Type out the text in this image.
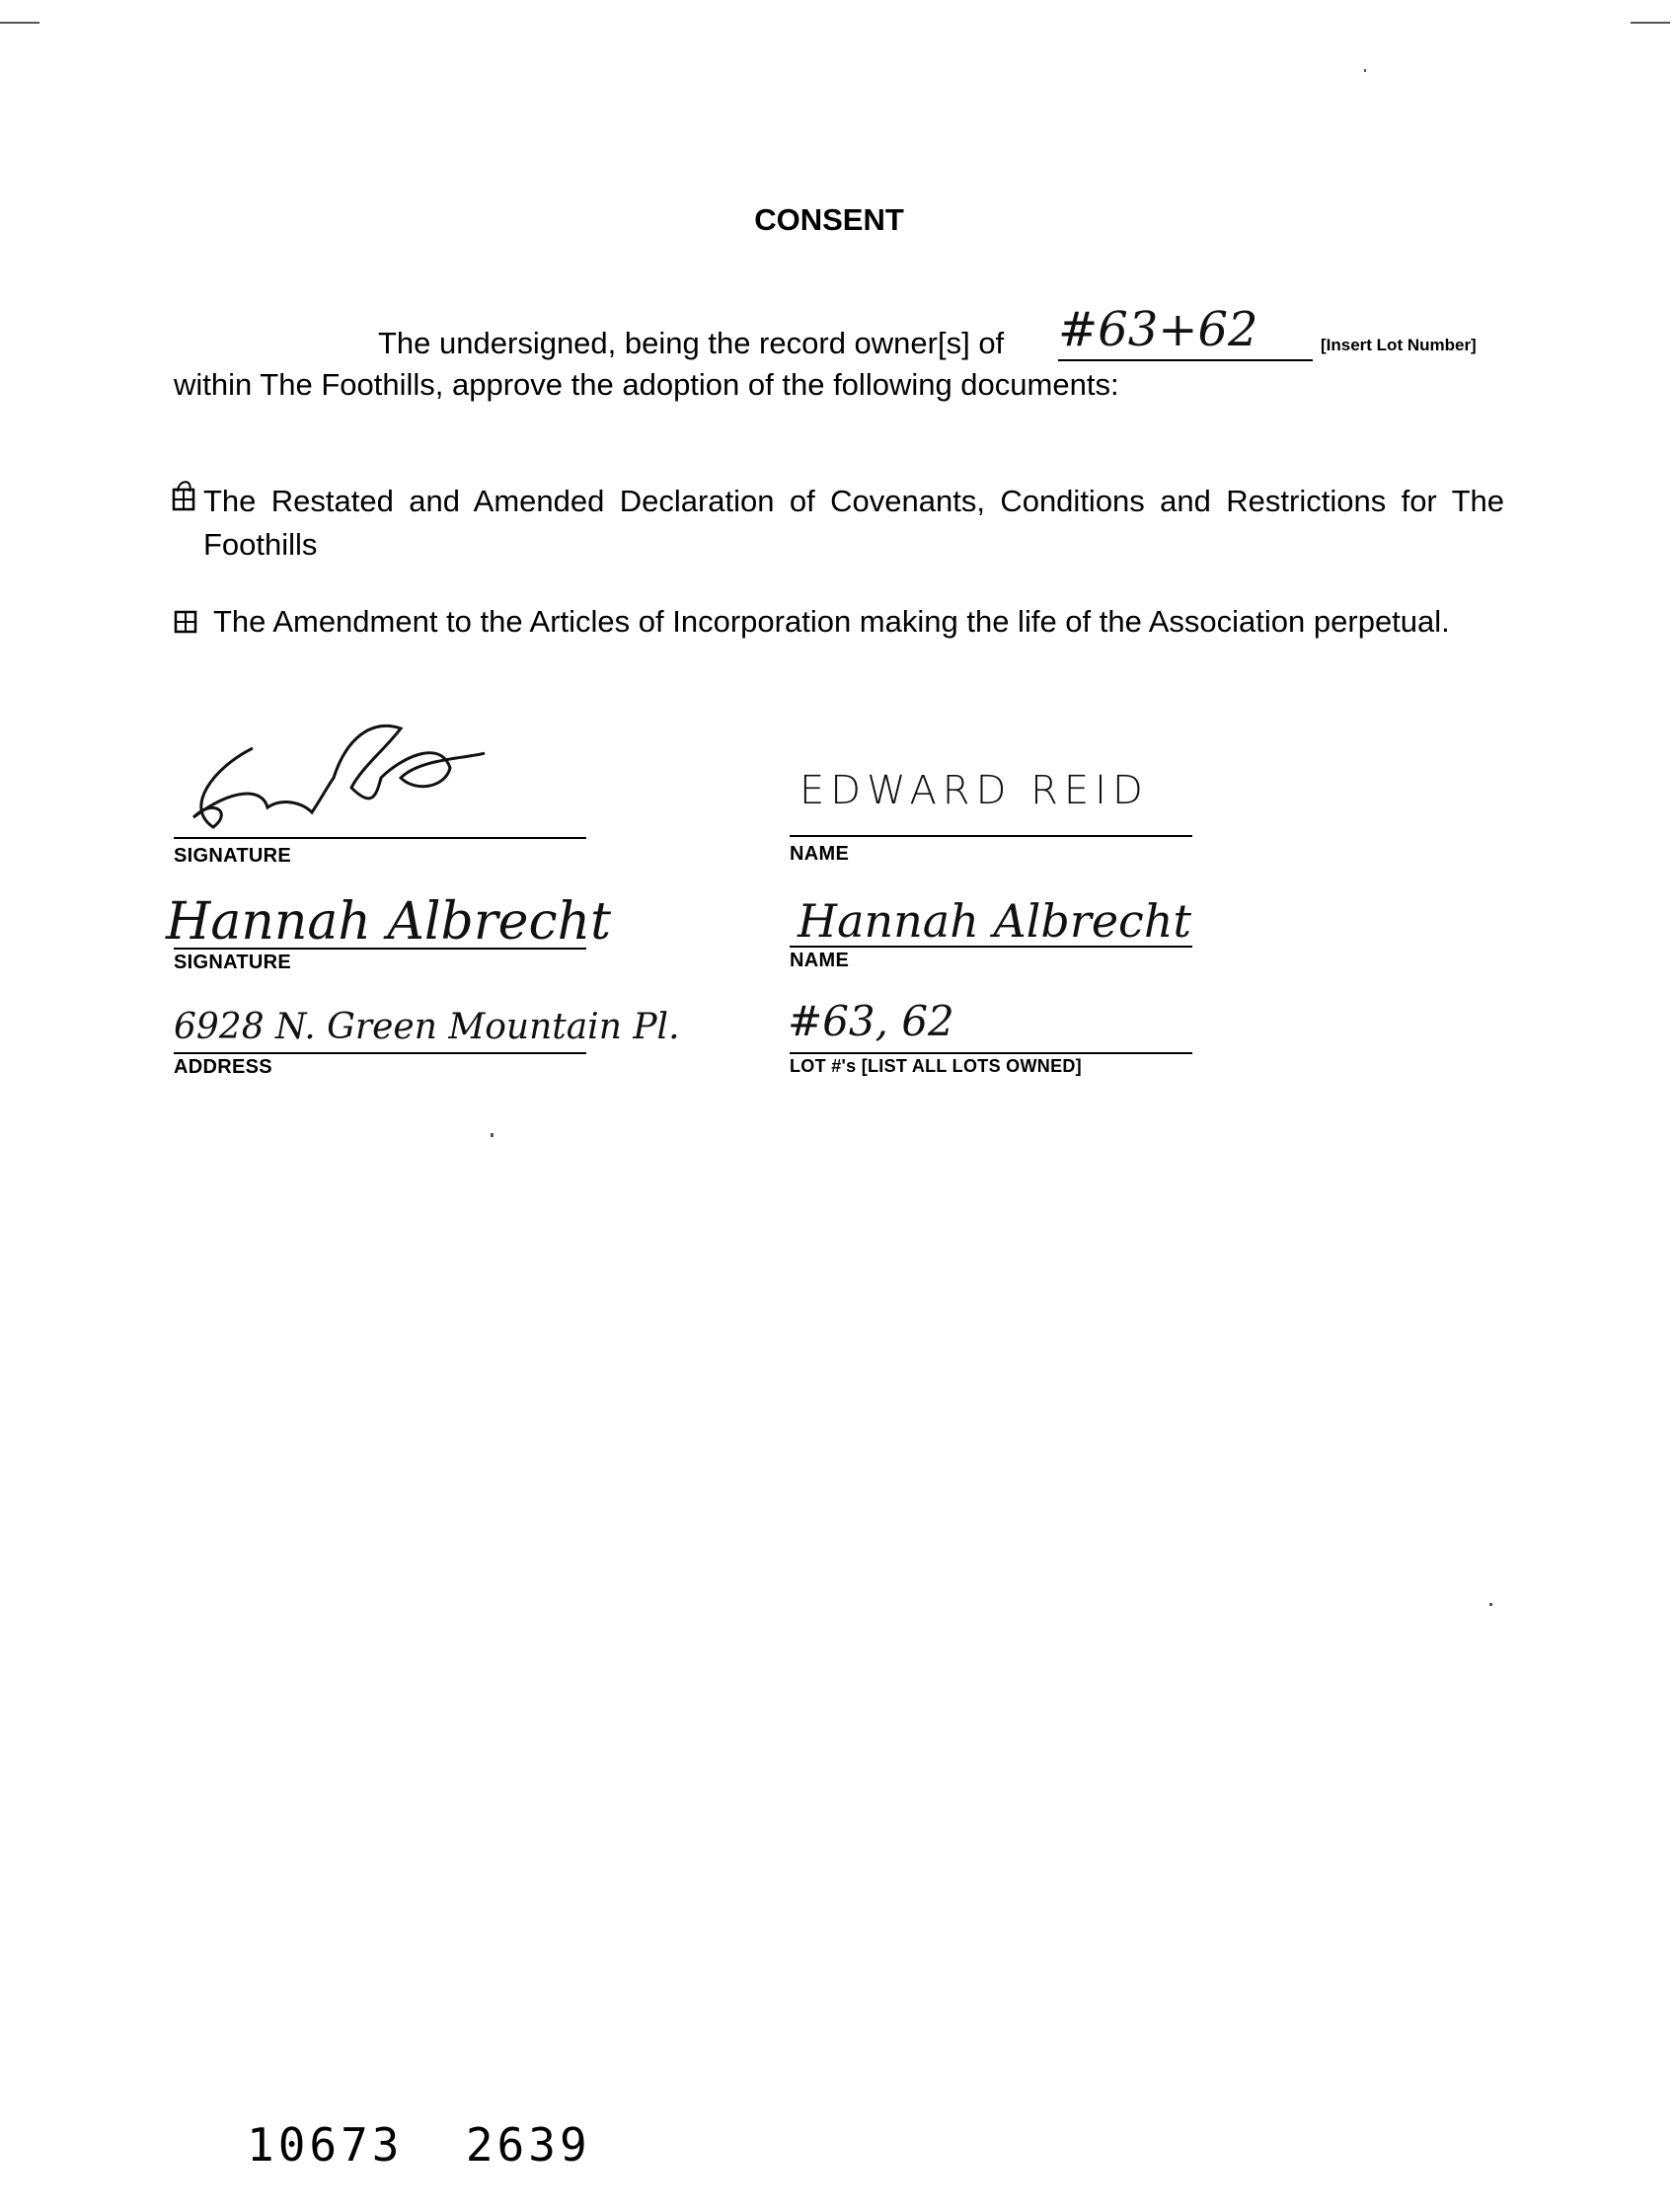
CONSENT
The undersigned, being the record owner[s] of #63+62	[Insert Lot Number]
within The Foothills, approve the adoption of the following documents:
The Restated and Amended Declaration of Covenants, Conditions and Restrictions for The Foothills
The Amendment to the Articles of Incorporation making the life of the Association perpetual.
SIGNATURE
EDWARD REID
NAME
Hannah Albrecht
SIGNATURE
Hannah Albrecht
NAME
6928 N. Green Mountain Pl.
ADDRESS
#63, 62
LOT #'s [LIST ALL LOTS OWNED]
10673  2639
